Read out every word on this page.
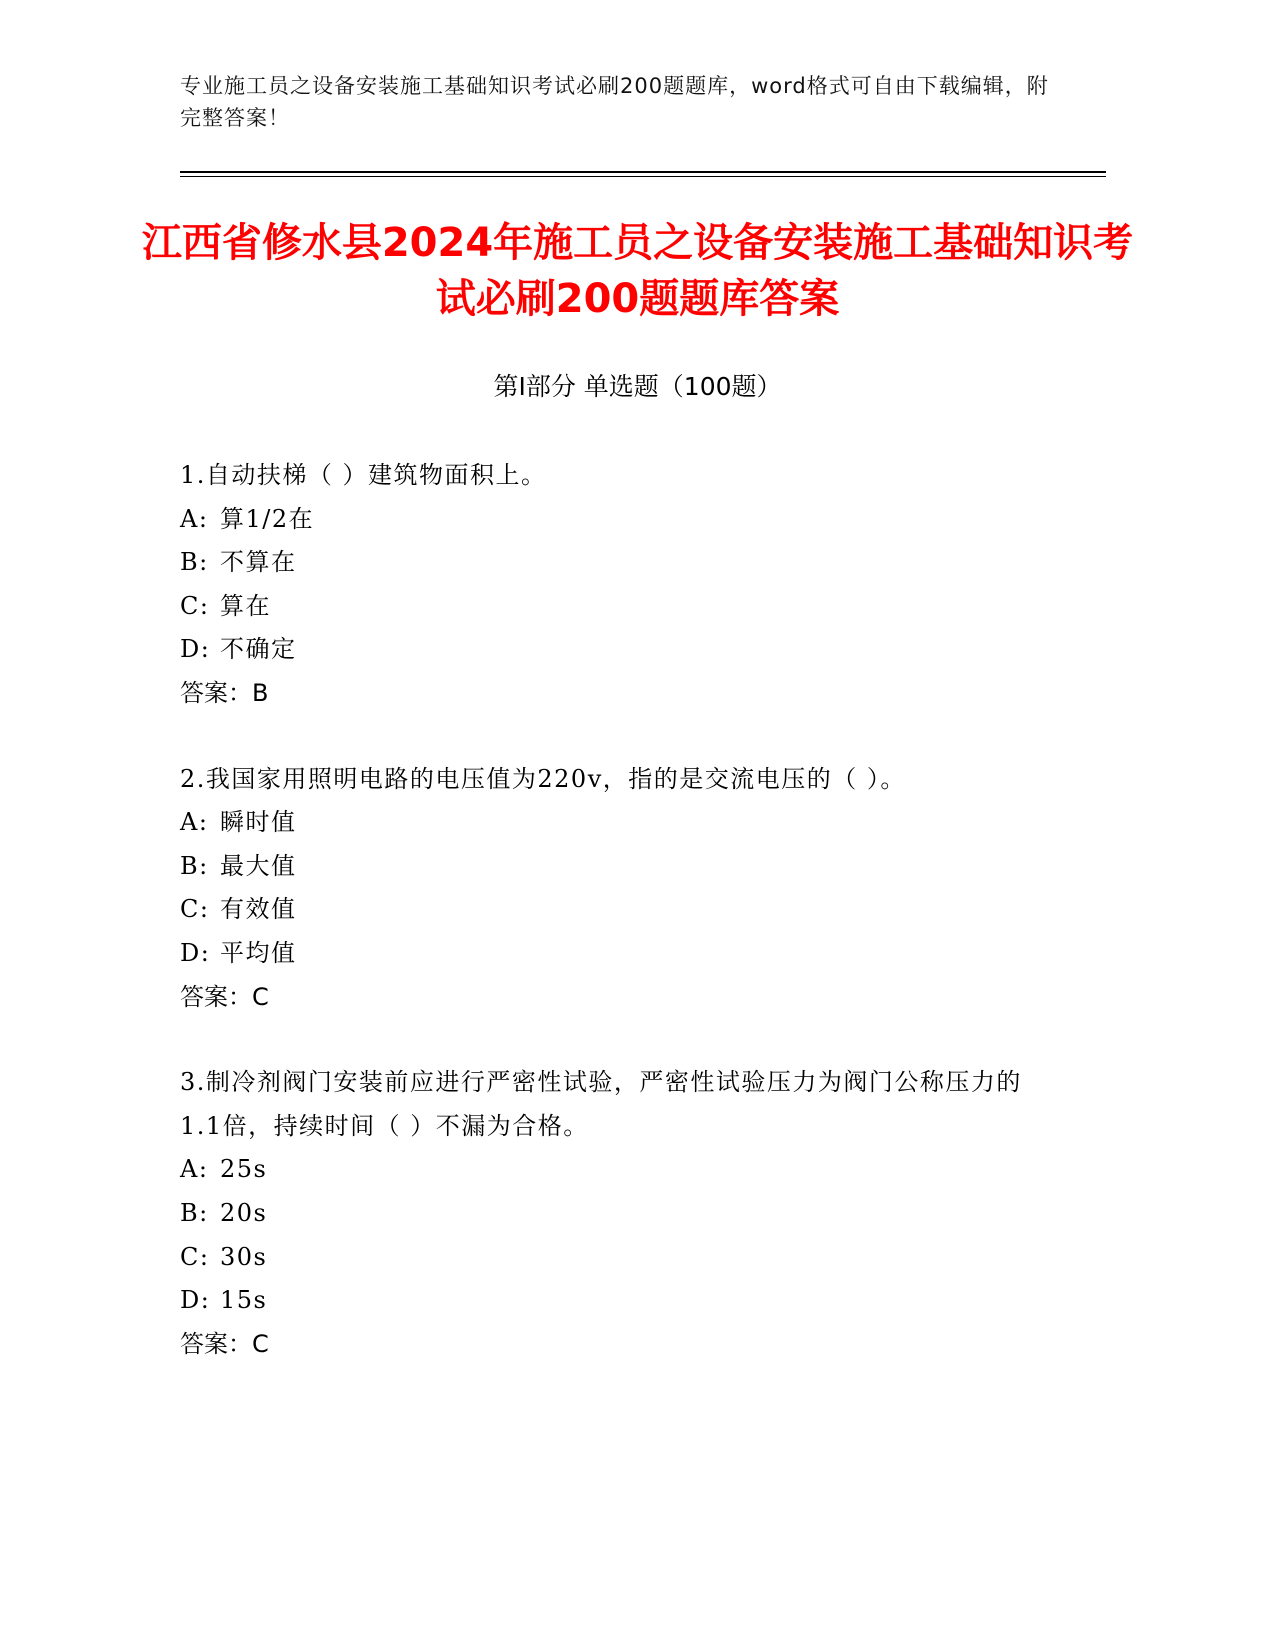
专业施工员之设备安装施工基础知识考试必刷200题题库，word格式可自由下载编辑，附完整答案！
江西省修水县2024年施工员之设备安装施工基础知识考试必刷200题题库答案
第Ⅰ部分 单选题（100题）
1.自动扶梯（ ）建筑物面积上。
A: 算1/2在
B: 不算在
C: 算在
D: 不确定
答案：B
2.我国家用照明电路的电压值为220v，指的是交流电压的（ ）。
A: 瞬时值
B: 最大值
C: 有效值
D: 平均值
答案：C
3.制冷剂阀门安装前应进行严密性试验，严密性试验压力为阀门公称压力的1.1倍，持续时间（ ）不漏为合格。
A: 25s
B: 20s
C: 30s
D: 15s
答案：C
